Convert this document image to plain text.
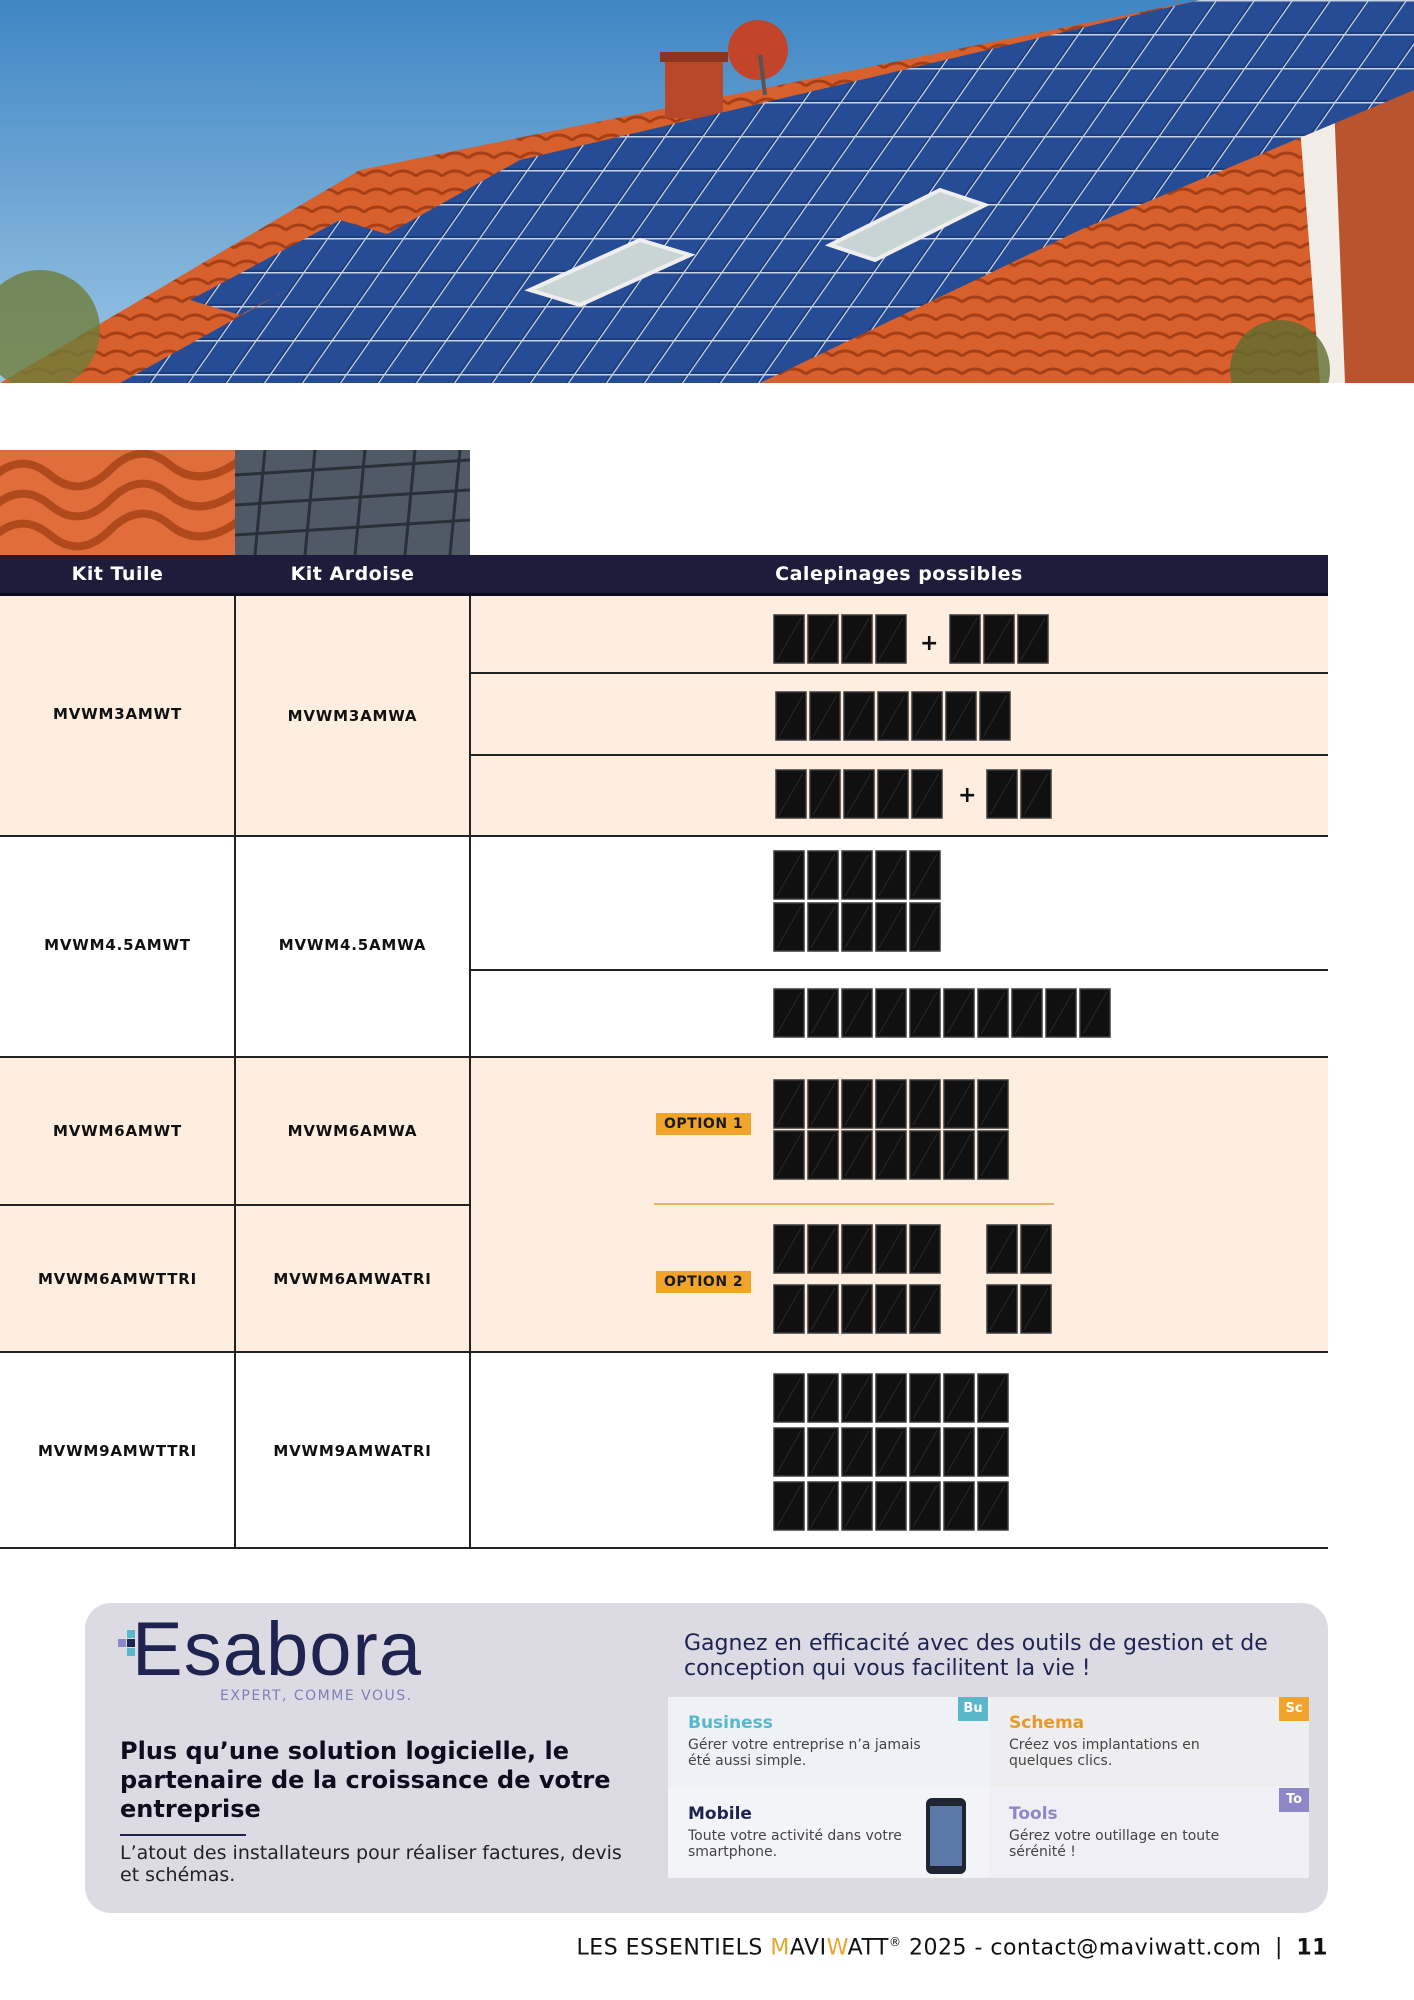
Kit Tuile	Kit Ardoise	Calepinages possibles
MVWM3AMWT	MVWM3AMWA
MVWM4.5AMWT	MVWM4.5AMWA
MVWM6AMWT	MVWM6AMWA
MVWM6AMWTTRI	MVWM6AMWATRI
MVWM9AMWTTRI	MVWM9AMWATRI
+
+
OPTION 1
OPTION 2
Esabora
EXPERT, COMME VOUS.
Plus qu’une solution logicielle, le partenaire de la croissance de votre entreprise
L’atout des installateurs pour réaliser factures, devis et schémas.
Gagnez en efficacité avec des outils de gestion et de conception qui vous facilitent la vie !
Business
Gérer votre entreprise n’a jamais été aussi simple.
Bu
Schema
Créez vos implantations en quelques clics.
Sc
Mobile
Toute votre activité dans votre smartphone.
Tools
Gérez votre outillage en toute sérénité !
To
LES ESSENTIELS MAVIWATT® 2025 - contact@maviwatt.com | 11
